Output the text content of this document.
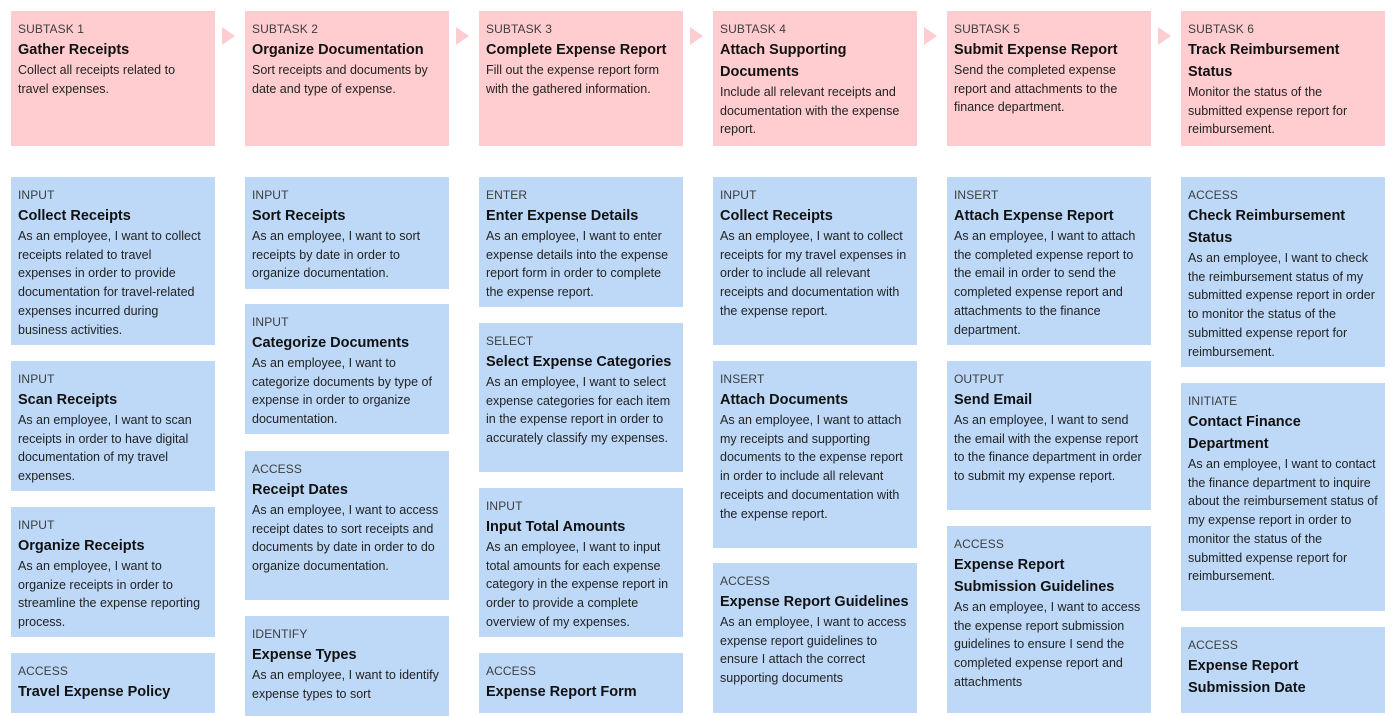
SUBTASK 1
Gather Receipts
Collect all receipts related to travel expenses.
INPUT
Collect Receipts
As an employee, I want to collect receipts related to travel expenses in order to provide documentation for travel-related expenses incurred during business activities.
INPUT
Scan Receipts
As an employee, I want to scan receipts in order to have digital documentation of my travel expenses.
INPUT
Organize Receipts
As an employee, I want to organize receipts in order to streamline the expense reporting process.
ACCESS
Travel Expense Policy
SUBTASK 2
Organize Documentation
Sort receipts and documents by date and type of expense.
INPUT
Sort Receipts
As an employee, I want to sort receipts by date in order to organize documentation.
INPUT
Categorize Documents
As an employee, I want to categorize documents by type of expense in order to organize documentation.
ACCESS
Receipt Dates
As an employee, I want to access receipt dates to sort receipts and documents by date in order to do organize documentation.
IDENTIFY
Expense Types
As an employee, I want to identify expense types to sort
SUBTASK 3
Complete Expense Report
Fill out the expense report form with the gathered information.
ENTER
Enter Expense Details
As an employee, I want to enter expense details into the expense report form in order to complete the expense report.
SELECT
Select Expense Categories
As an employee, I want to select expense categories for each item in the expense report in order to accurately classify my expenses.
INPUT
Input Total Amounts
As an employee, I want to input total amounts for each expense category in the expense report in order to provide a complete overview of my expenses.
ACCESS
Expense Report Form
SUBTASK 4
Attach Supporting Documents
Include all relevant receipts and documentation with the expense report.
INPUT
Collect Receipts
As an employee, I want to collect receipts for my travel expenses in order to include all relevant receipts and documentation with the expense report.
INSERT
Attach Documents
As an employee, I want to attach my receipts and supporting documents to the expense report in order to include all relevant receipts and documentation with the expense report.
ACCESS
Expense Report Guidelines
As an employee, I want to access expense report guidelines to ensure I attach the correct supporting documents
SUBTASK 5
Submit Expense Report
Send the completed expense report and attachments to the finance department.
INSERT
Attach Expense Report
As an employee, I want to attach the completed expense report to the email in order to send the completed expense report and attachments to the finance department.
OUTPUT
Send Email
As an employee, I want to send the email with the expense report to the finance department in order to submit my expense report.
ACCESS
Expense Report Submission Guidelines
As an employee, I want to access the expense report submission guidelines to ensure I send the completed expense report and attachments
SUBTASK 6
Track Reimbursement Status
Monitor the status of the submitted expense report for reimbursement.
ACCESS
Check Reimbursement Status
As an employee, I want to check the reimbursement status of my submitted expense report in order to monitor the status of the submitted expense report for reimbursement.
INITIATE
Contact Finance Department
As an employee, I want to contact the finance department to inquire about the reimbursement status of my expense report in order to monitor the status of the submitted expense report for reimbursement.
ACCESS
Expense Report Submission Date
